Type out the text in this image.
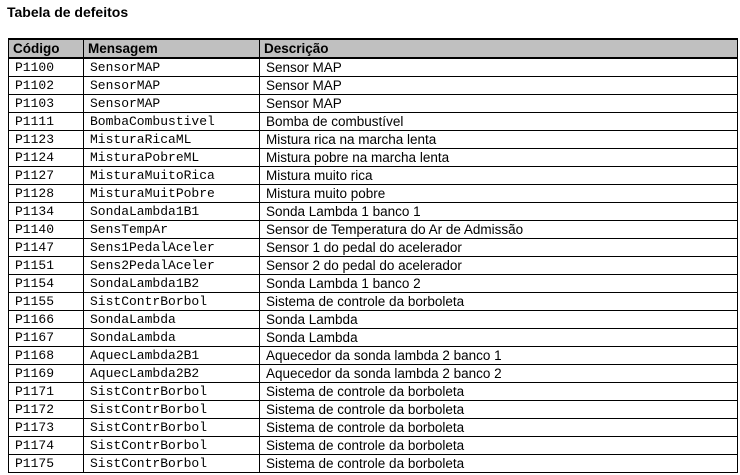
Tabela de defeitos
Código	Mensagem	Descrição
P1100	SensorMAP	Sensor MAP
P1102	SensorMAP	Sensor MAP
P1103	SensorMAP	Sensor MAP
P1111	BombaCombustivel	Bomba de combustível
P1123	MisturaRicaML	Mistura rica na marcha lenta
P1124	MisturaPobreML	Mistura pobre na marcha lenta
P1127	MisturaMuitoRica	Mistura muito rica
P1128	MisturaMuitPobre	Mistura muito pobre
P1134	SondaLambda1B1	Sonda Lambda 1 banco 1
P1140	SensTempAr	Sensor de Temperatura do Ar de Admissão
P1147	Sens1PedalAceler	Sensor 1 do pedal do acelerador
P1151	Sens2PedalAceler	Sensor 2 do pedal do acelerador
P1154	SondaLambda1B2	Sonda Lambda 1 banco 2
P1155	SistContrBorbol	Sistema de controle da borboleta
P1166	SondaLambda	Sonda Lambda
P1167	SondaLambda	Sonda Lambda
P1168	AquecLambda2B1	Aquecedor da sonda lambda 2 banco 1
P1169	AquecLambda2B2	Aquecedor da sonda lambda 2 banco 2
P1171	SistContrBorbol	Sistema de controle da borboleta
P1172	SistContrBorbol	Sistema de controle da borboleta
P1173	SistContrBorbol	Sistema de controle da borboleta
P1174	SistContrBorbol	Sistema de controle da borboleta
P1175	SistContrBorbol	Sistema de controle da borboleta
